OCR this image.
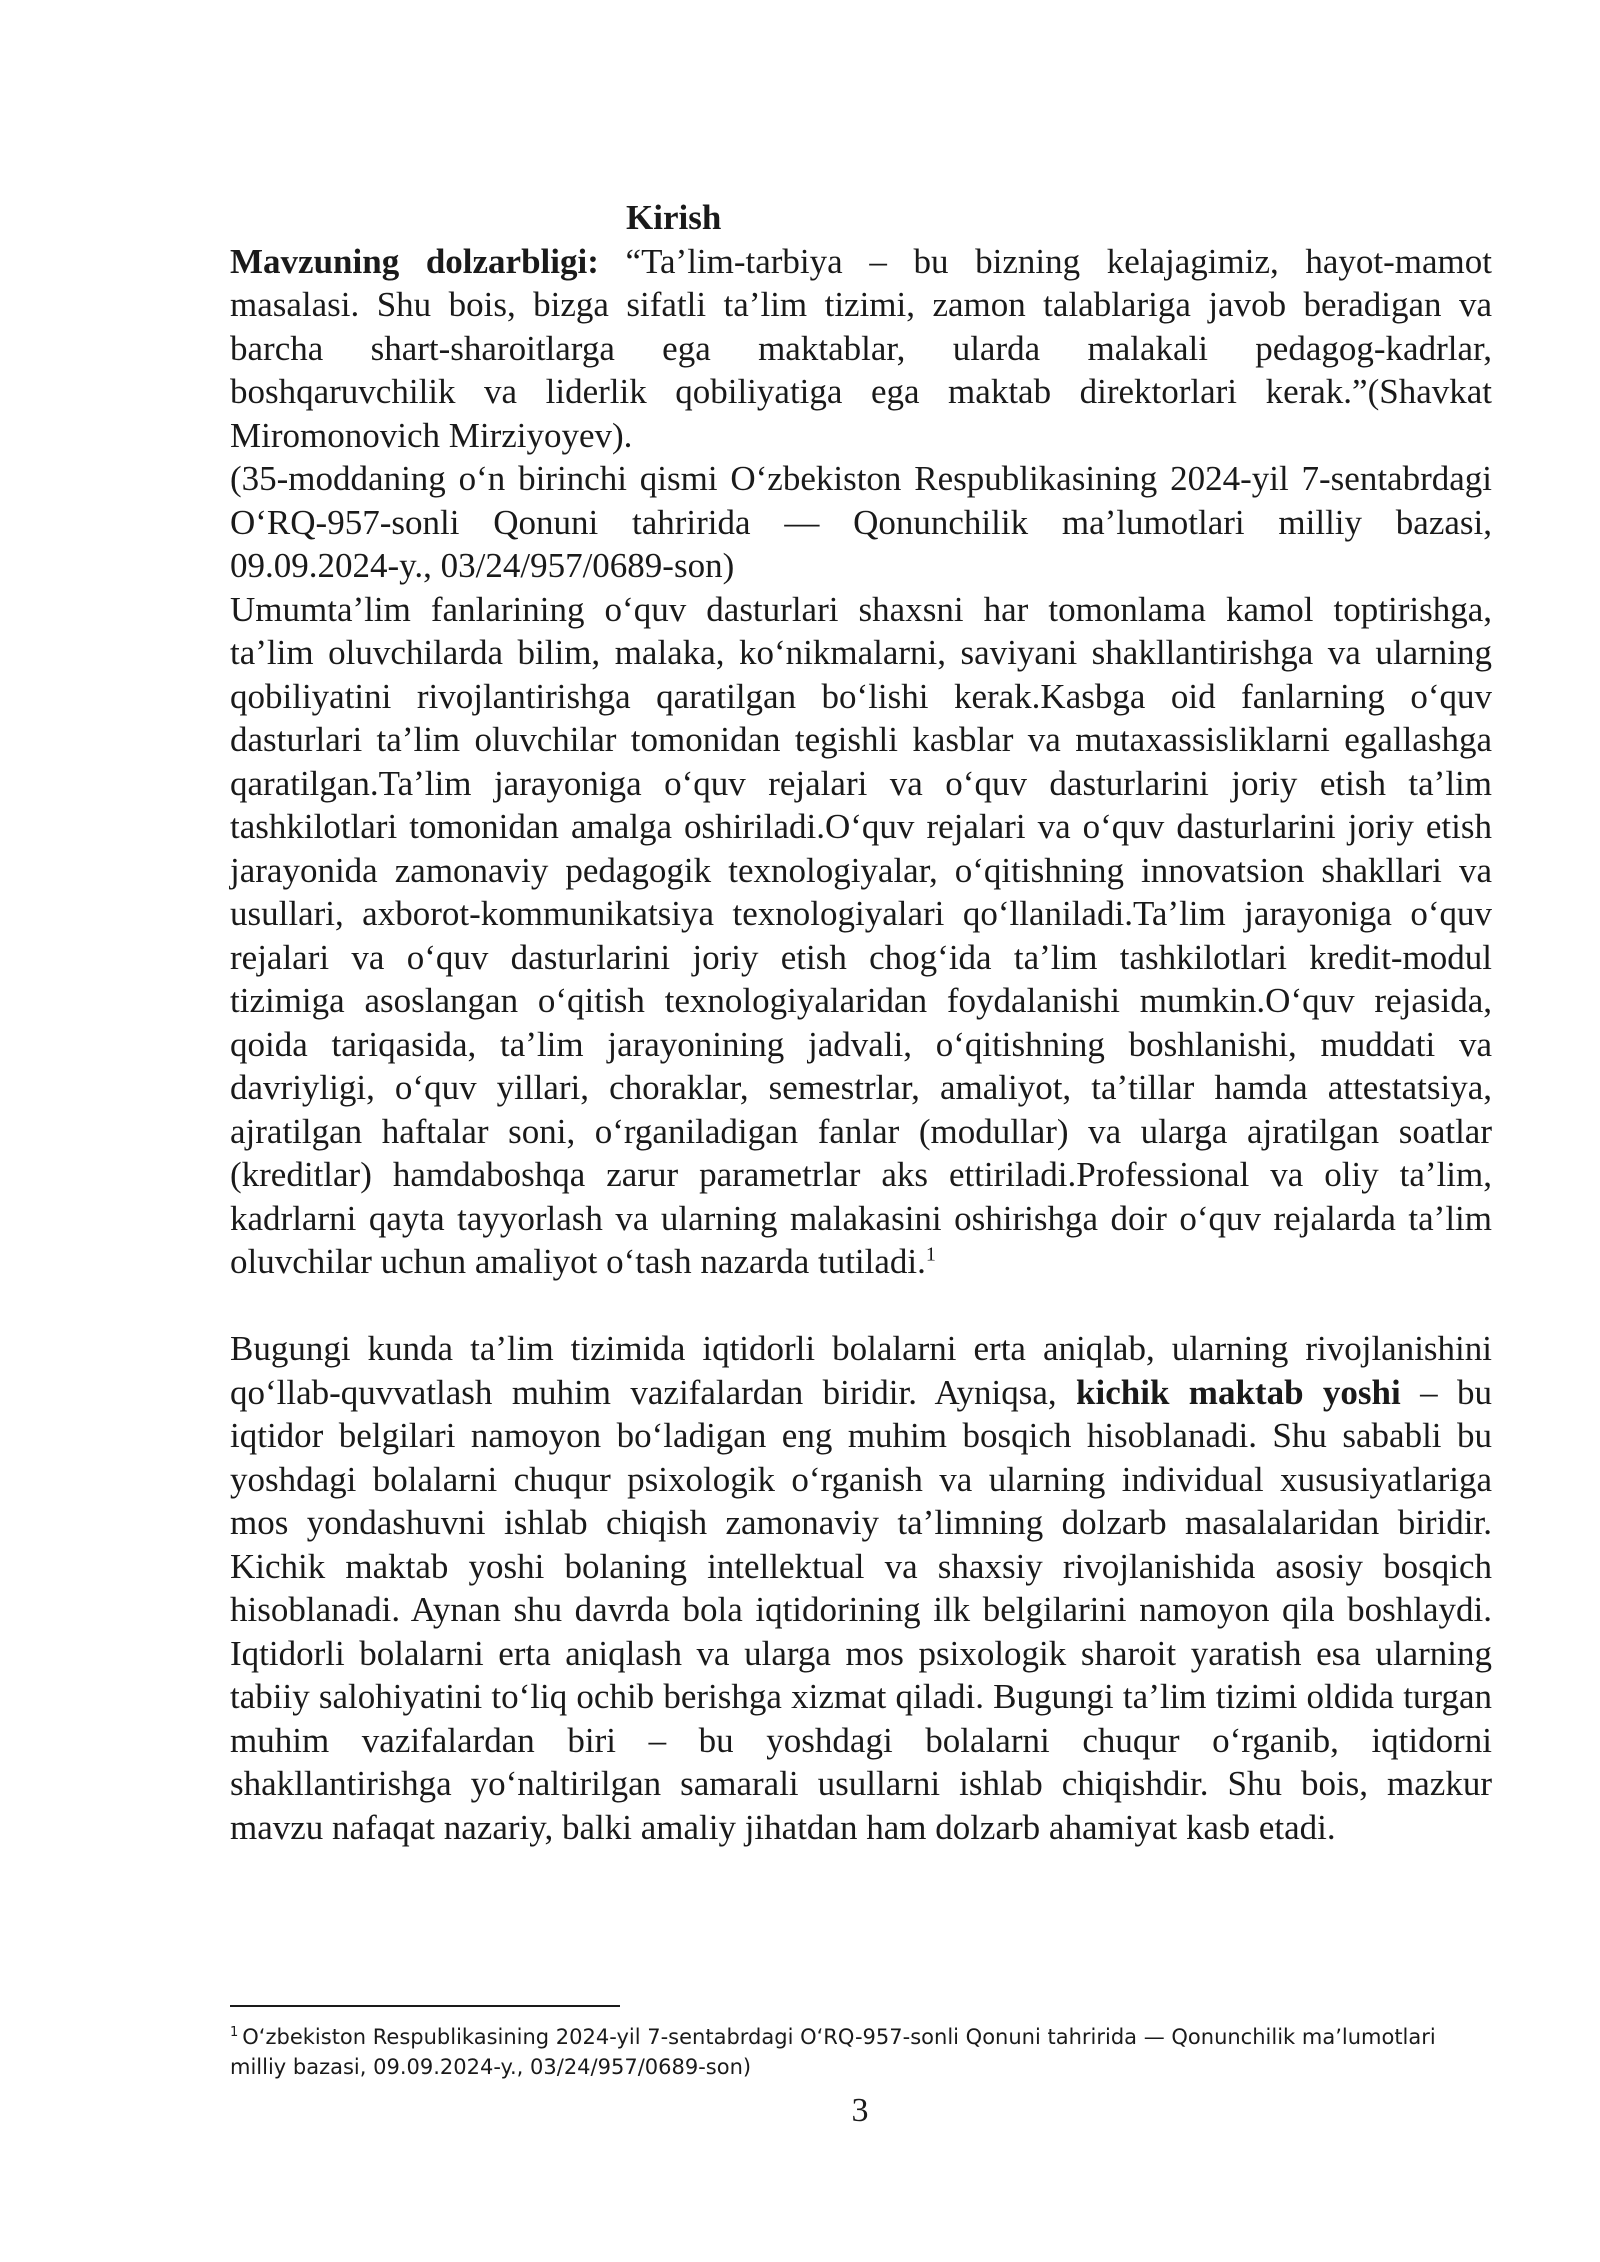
Kirish

Mavzuning dolzarbligi: “Ta’lim-tarbiya – bu bizning kelajagimiz, hayot-mamot masalasi. Shu bois, bizga sifatli ta’lim tizimi, zamon talablariga javob beradigan va barcha shart-sharoitlarga ega maktablar, ularda malakali pedagog-kadrlar, boshqaruvchilik va liderlik qobiliyatiga ega maktab direktorlari kerak.”(Shavkat Miromonovich Mirziyoyev).

(35-moddaning oʻn birinchi qismi Oʻzbekiston Respublikasining 2024-yil 7-sentabrdagi OʻRQ-957-sonli Qonuni tahririda — Qonunchilik maʼlumotlari milliy bazasi, 09.09.2024-y., 03/24/957/0689-son)

Umumtaʼlim fanlarining oʻquv dasturlari shaxsni har tomonlama kamol toptirishga, taʼlim oluvchilarda bilim, malaka, koʻnikmalarni, saviyani shakllantirishga va ularning qobiliyatini rivojlantirishga qaratilgan boʻlishi kerak.Kasbga oid fanlarning oʻquv dasturlari taʼlim oluvchilar tomonidan tegishli kasblar va mutaxassisliklarni egallashga qaratilgan.Taʼlim jarayoniga oʻquv rejalari va oʻquv dasturlarini joriy etish taʼlim tashkilotlari tomonidan amalga oshiriladi.Oʻquv rejalari va oʻquv dasturlarini joriy etish jarayonida zamonaviy pedagogik texnologiyalar, oʻqitishning innovatsion shakllari va usullari, axborot-kommunikatsiya texnologiyalari qoʻllaniladi.Taʼlim jarayoniga oʻquv rejalari va oʻquv dasturlarini joriy etish chogʻida taʼlim tashkilotlari kredit-modul tizimiga asoslangan oʻqitish texnologiyalaridan foydalanishi mumkin.Oʻquv rejasida, qoida tariqasida, taʼlim jarayonining jadvali, oʻqitishning boshlanishi, muddati va davriyligi, oʻquv yillari, choraklar, semestrlar, amaliyot, taʼtillar hamda attestatsiya, ajratilgan haftalar soni, oʻrganiladigan fanlar (modullar) va ularga ajratilgan soatlar (kreditlar) hamdaboshqa zarur parametrlar aks ettiriladi.Professional va oliy taʼlim, kadrlarni qayta tayyorlash va ularning malakasini oshirishga doir oʻquv rejalarda taʼlim oluvchilar uchun amaliyot oʻtash nazarda tutiladi.$^1$

Bugungi kunda ta’lim tizimida iqtidorli bolalarni erta aniqlab, ularning rivojlanishini qo‘llab-quvvatlash muhim vazifalardan biridir. Ayniqsa, kichik maktab yoshi – bu iqtidor belgilari namoyon bo‘ladigan eng muhim bosqich hisoblanadi. Shu sababli bu yoshdagi bolalarni chuqur psixologik o‘rganish va ularning individual xususiyatlariga mos yondashuvni ishlab chiqish zamonaviy ta’limning dolzarb masalalaridan biridir. Kichik maktab yoshi bolaning intellektual va shaxsiy rivojlanishida asosiy bosqich hisoblanadi. Aynan shu davrda bola iqtidorining ilk belgilarini namoyon qila boshlaydi. Iqtidorli bolalarni erta aniqlash va ularga mos psixologik sharoit yaratish esa ularning tabiiy salohiyatini to‘liq ochib berishga xizmat qiladi. Bugungi ta’lim tizimi oldida turgan muhim vazifalardan biri – bu yoshdagi bolalarni chuqur o‘rganib, iqtidorni shakllantirishga yo‘naltirilgan samarali usullarni ishlab chiqishdir. Shu bois, mazkur mavzu nafaqat nazariy, balki amaliy jihatdan ham dolzarb ahamiyat kasb etadi.

$^1$ Oʻzbekiston Respublikasining 2024-yil 7-sentabrdagi OʻRQ-957-sonli Qonuni tahririda — Qonunchilik maʼlumotlari milliy bazasi, 09.09.2024-y., 03/24/957/0689-son)
3
